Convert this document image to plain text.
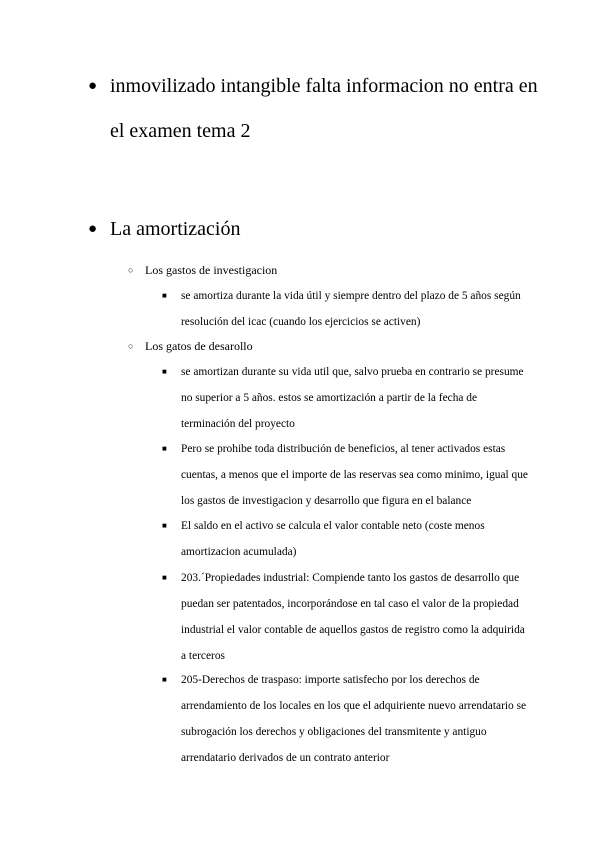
● inmovilizado intangible falta informacion no entra en el examen tema 2
● La amortización
○ Los gastos de investigacion
■ se amortiza durante la vida útil y siempre dentro del plazo de 5 años según resolución del icac (cuando los ejercicios se activen)
○ Los gatos de desarollo
■ se amortizan durante su vida util que, salvo prueba en contrario se presume no superior a 5 años. estos se amortización a partir de la fecha de terminación del proyecto
■ Pero se prohibe toda distribución de beneficios, al tener activados estas cuentas, a menos que el importe de las reservas sea como minimo, igual que los gastos de investigacion y desarrollo que figura en el balance
■ El saldo en el activo se calcula el valor contable neto (coste menos amortizacion acumulada)
■ 203.´Propiedades industrial: Compiende tanto los gastos de desarrollo que puedan ser patentados, incorporándose en tal caso el valor de la propiedad industrial el valor contable de aquellos gastos de registro como la adquirida a terceros
■ 205-Derechos de traspaso: importe satisfecho por los derechos de arrendamiento de los locales en los que el adquiriente nuevo arrendatario se subrogación los derechos y obligaciones del transmitente y antiguo arrendatario derivados de un contrato anterior
